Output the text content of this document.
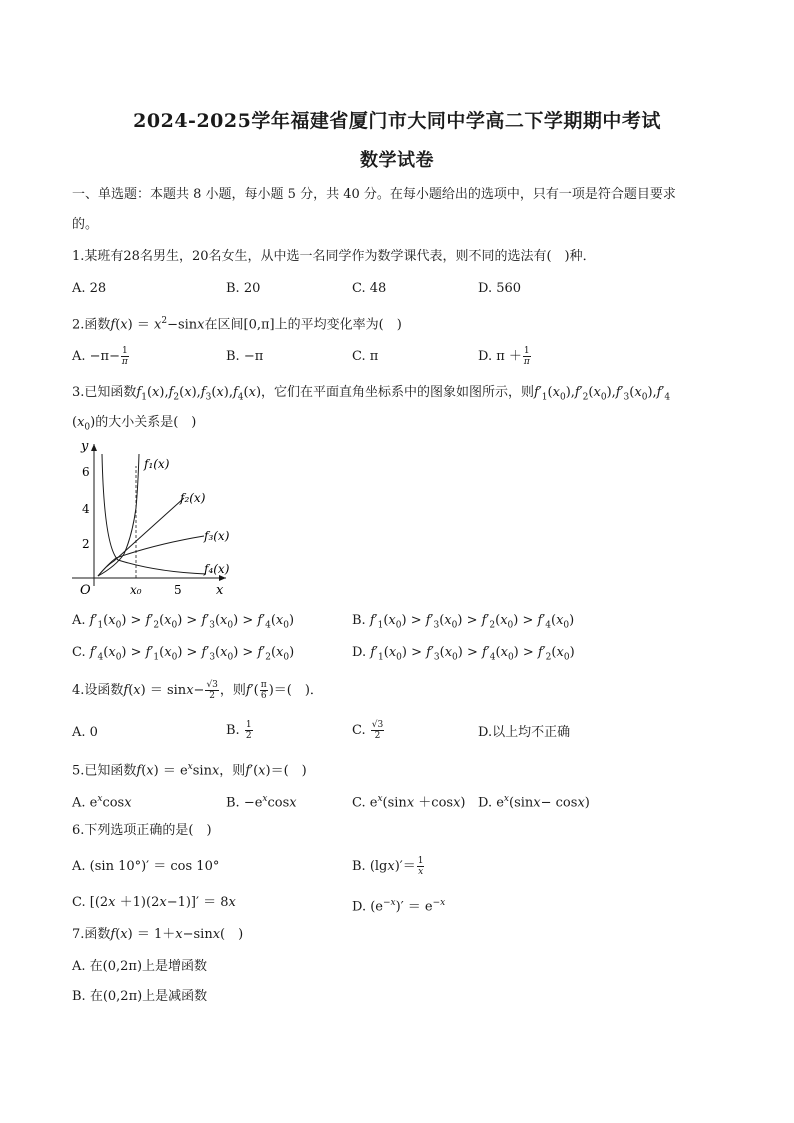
2024-2025学年福建省厦门市大同中学高二下学期期中考试
数学试卷
一、单选题：本题共 8 小题，每小题 5 分，共 40 分。在每小题给出的选项中，只有一项是符合题目要求
的。
1.某班有28名男生，20名女生，从中选一名同学作为数学课代表，则不同的选法有(　)种．
A. 28	B. 20	C. 48	D. 560
2.函数$f(x) = x^2-\sin x$在区间[0,π]上的平均变化率为(　)
A. $-\pi- \frac{1}{\pi}$	B. −π	C. π	D. $\pi + \frac{1}{\pi}$
3.已知函数$f_1(x),f_2(x),f_3(x),f_4(x)$，它们在平面直角坐标系中的图象如图所示，则$f'_1(x_0),f'_2(x_0),f'_3(x_0),f'_4$
$(x_0)$的大小关系是(　)
y
x
O
6
4
2
x₀	5
f₁(x)
f₂(x)
f₃(x)
f₄(x)
A. $f'_1(x_0) > f'_2(x_0) > f'_3(x_0) > f'_4(x_0)$	B. $f'_1(x_0) > f'_3(x_0) > f'_2(x_0) > f'_4(x_0)$
C. $f'_4(x_0) > f'_1(x_0) > f'_3(x_0) > f'_2(x_0)$	D. $f'_1(x_0) > f'_3(x_0) > f'_4(x_0) > f'_2(x_0)$
4.设函数$f(x) = \sin x- \frac{√3}{2}$ ，则$f'( \frac{\pi}{6}$ )＝(　)．
A. 0	B. $\frac{1}{2}$	C. $\frac{√3}{2}$	D.以上均不正确
5.已知函数$f(x) = e^x\sin x$，则f′(x)＝(　)
A. $e^x\cos x$	B. $-e^x\cos x$	C. $e^x(\sin x +\cos x)$ D. $e^x(\sin x- \cos x)$
6.下列选项正确的是(　)
A. (sin 10°)′ ＝ cos 10°	B. $(\lg x)'= \frac{1}{x}$
C. [(2x ＋1)(2x−1)]′ ＝ 8x	D. $(e^{-x})' = e^{-x}$
7.函数f(x) ＝ 1＋x−sinx(　)
A. 在(0,2π)上是增函数
B. 在(0,2π)上是减函数
